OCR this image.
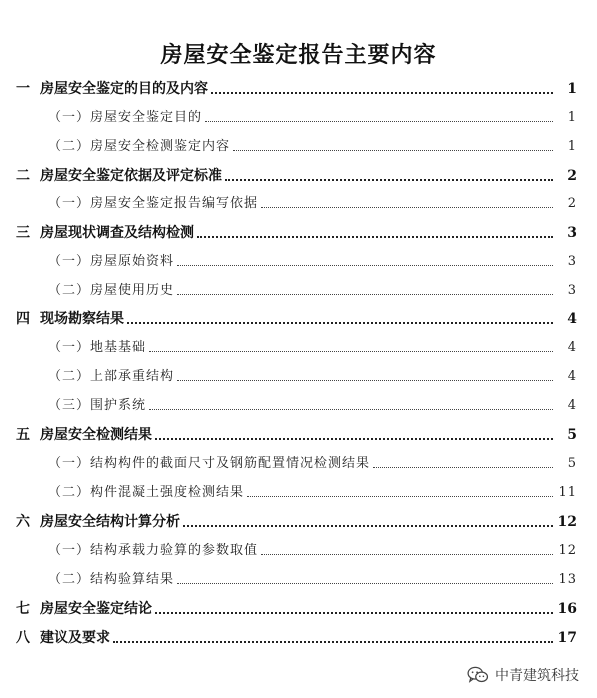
房屋安全鉴定报告主要内容
一 房屋安全鉴定的目的及内容	1
（一） 房屋安全鉴定目的	1
（二） 房屋安全检测鉴定内容	1
二 房屋安全鉴定依据及评定标准	2
（一） 房屋安全鉴定报告编写依据	2
三 房屋现状调查及结构检测	3
（一） 房屋原始资料	3
（二） 房屋使用历史	3
四 现场勘察结果	4
（一） 地基基础	4
（二） 上部承重结构	4
（三） 围护系统	4
五 房屋安全检测结果	5
（一） 结构构件的截面尺寸及钢筋配置情况检测结果	5
（二） 构件混凝土强度检测结果	11
六 房屋安全结构计算分析	12
（一） 结构承载力验算的参数取值	12
（二） 结构验算结果	13
七 房屋安全鉴定结论	16
八 建议及要求	17
中青建筑科技
